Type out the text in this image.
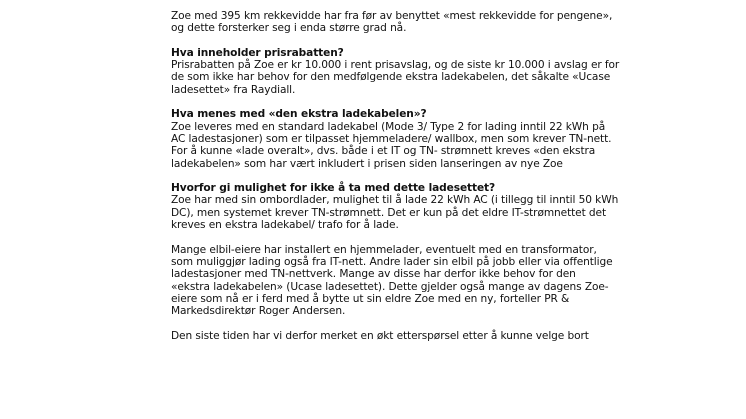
Zoe med 395 km rekkevidde har fra før av benyttet «mest rekkevidde for pengene»,
og dette forsterker seg i enda større grad nå.

Hva inneholder prisrabatten?
Prisrabatten på Zoe er kr 10.000 i rent prisavslag, og de siste kr 10.000 i avslag er for
de som ikke har behov for den medfølgende ekstra ladekabelen, det såkalte «Ucase
ladesettet» fra Raydiall.

Hva menes med «den ekstra ladekabelen»?
Zoe leveres med en standard ladekabel (Mode 3/ Type 2 for lading inntil 22 kWh på
AC ladestasjoner) som er tilpasset hjemmeladere/ wallbox, men som krever TN-nett.
For å kunne «lade overalt», dvs. både i et IT og TN- strømnett kreves «den ekstra
ladekabelen» som har vært inkludert i prisen siden lanseringen av nye Zoe

Hvorfor gi mulighet for ikke å ta med dette ladesettet?
Zoe har med sin ombordlader, mulighet til å lade 22 kWh AC (i tillegg til inntil 50 kWh
DC), men systemet krever TN-strømnett. Det er kun på det eldre IT-strømnettet det
kreves en ekstra ladekabel/ trafo for å lade.

Mange elbil-eiere har installert en hjemmelader, eventuelt med en transformator,
som muliggjør lading også fra IT-nett. Andre lader sin elbil på jobb eller via offentlige
ladestasjoner med TN-nettverk. Mange av disse har derfor ikke behov for den
«ekstra ladekabelen» (Ucase ladesettet). Dette gjelder også mange av dagens Zoe-
eiere som nå er i ferd med å bytte ut sin eldre Zoe med en ny, forteller PR &
Markedsdirektør Roger Andersen.

Den siste tiden har vi derfor merket en økt etterspørsel etter å kunne velge bort
